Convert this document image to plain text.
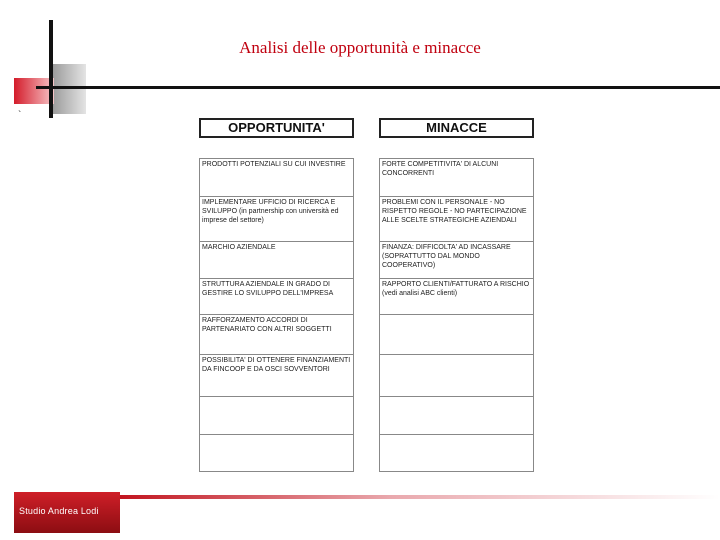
`
Analisi delle opportunità e minacce
OPPORTUNITA'
PRODOTTI POTENZIALI SU CUI INVESTIRE
IMPLEMENTARE UFFICIO DI RICERCA E SVILUPPO (in partnership con università ed imprese del settore)
MARCHIO AZIENDALE
STRUTTURA AZIENDALE IN GRADO DI GESTIRE LO SVILUPPO DELL'IMPRESA
RAFFORZAMENTO ACCORDI DI PARTENARIATO CON ALTRI SOGGETTI
POSSIBILITA' DI OTTENERE FINANZIAMENTI DA FINCOOP E DA OSCI SOVVENTORI
MINACCE
FORTE COMPETITIVITA' DI ALCUNI CONCORRENTI
PROBLEMI CON IL PERSONALE - NO RISPETTO REGOLE - NO PARTECIPAZIONE ALLE SCELTE STRATEGICHE AZIENDALI
FINANZA: DIFFICOLTA' AD INCASSARE (SOPRATTUTTO DAL MONDO COOPERATIVO)
RAPPORTO CLIENTI/FATTURATO A RISCHIO (vedi analisi ABC clienti)
Studio Andrea Lodi
